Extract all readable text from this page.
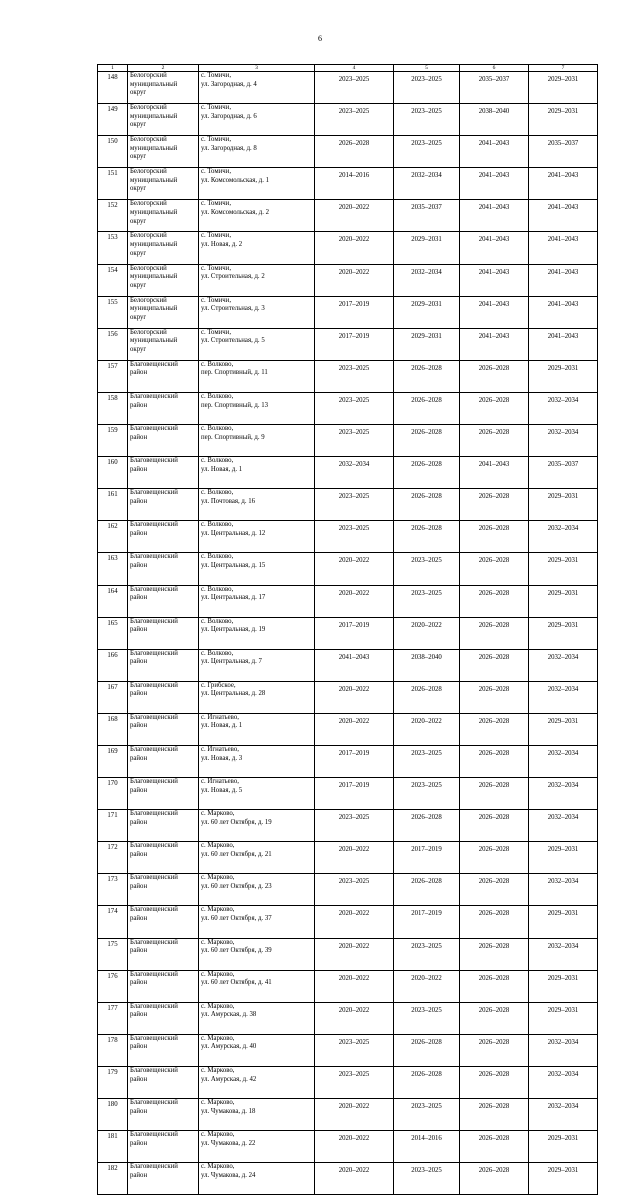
6
1	2	3	4	5	6	7

148	Белогорский
муниципальный
округ	с. Томичи,
ул. Загородная, д. 4	2023–2025	2023–2025	2035–2037	2029–2031

149	Белогорский
муниципальный
округ	с. Томичи,
ул. Загородная, д. 6	2023–2025	2023–2025	2038–2040	2029–2031

150	Белогорский
муниципальный
округ	с. Томичи,
ул. Загородная, д. 8	2026–2028	2023–2025	2041–2043	2035–2037

151	Белогорский
муниципальный
округ	с. Томичи,
ул. Комсомольская, д. 1	2014–2016	2032–2034	2041–2043	2041–2043

152	Белогорский
муниципальный
округ	с. Томичи,
ул. Комсомольская, д. 2	2020–2022	2035–2037	2041–2043	2041–2043

153	Белогорский
муниципальный
округ	с. Томичи,
ул. Новая, д. 2	2020–2022	2029–2031	2041–2043	2041–2043

154	Белогорский
муниципальный
округ	с. Томичи,
ул. Строительная, д. 2	2020–2022	2032–2034	2041–2043	2041–2043

155	Белогорский
муниципальный
округ	с. Томичи,
ул. Строительная, д. 3	2017–2019	2029–2031	2041–2043	2041–2043

156	Белогорский
муниципальный
округ	с. Томичи,
ул. Строительная, д. 5	2017–2019	2029–2031	2041–2043	2041–2043

157	Благовещенский
район	с. Волково,
пер. Спортивный, д. 11	2023–2025	2026–2028	2026–2028	2029–2031

158	Благовещенский
район	с. Волково,
пер. Спортивный, д. 13	2023–2025	2026–2028	2026–2028	2032–2034

159	Благовещенский
район	с. Волково,
пер. Спортивный, д. 9	2023–2025	2026–2028	2026–2028	2032–2034

160	Благовещенский
район	с. Волково,
ул. Новая, д. 1	2032–2034	2026–2028	2041–2043	2035–2037

161	Благовещенский
район	с. Волково,
ул. Почтовая, д. 16	2023–2025	2026–2028	2026–2028	2029–2031

162	Благовещенский
район	с. Волково,
ул. Центральная, д. 12	2023–2025	2026–2028	2026–2028	2032–2034

163	Благовещенский
район	с. Волково,
ул. Центральная, д. 15	2020–2022	2023–2025	2026–2028	2029–2031

164	Благовещенский
район	с. Волково,
ул. Центральная, д. 17	2020–2022	2023–2025	2026–2028	2029–2031

165	Благовещенский
район	с. Волково,
ул. Центральная, д. 19	2017–2019	2020–2022	2026–2028	2029–2031

166	Благовещенский
район	с. Волково,
ул. Центральная, д. 7	2041–2043	2038–2040	2026–2028	2032–2034

167	Благовещенский
район	с. Грибское,
ул. Центральная, д. 28	2020–2022	2026–2028	2026–2028	2032–2034

168	Благовещенский
район	с. Игнатьево,
ул. Новая, д. 1	2020–2022	2020–2022	2026–2028	2029–2031

169	Благовещенский
район	с. Игнатьево,
ул. Новая, д. 3	2017–2019	2023–2025	2026–2028	2032–2034

170	Благовещенский
район	с. Игнатьево,
ул. Новая, д. 5	2017–2019	2023–2025	2026–2028	2032–2034

171	Благовещенский
район	с. Марково,
ул. 60 лет Октября, д. 19	2023–2025	2026–2028	2026–2028	2032–2034

172	Благовещенский
район	с. Марково,
ул. 60 лет Октября, д. 21	2020–2022	2017–2019	2026–2028	2029–2031

173	Благовещенский
район	с. Марково,
ул. 60 лет Октября, д. 23	2023–2025	2026–2028	2026–2028	2032–2034

174	Благовещенский
район	с. Марково,
ул. 60 лет Октября, д. 37	2020–2022	2017–2019	2026–2028	2029–2031

175	Благовещенский
район	с. Марково,
ул. 60 лет Октября, д. 39	2020–2022	2023–2025	2026–2028	2032–2034

176	Благовещенский
район	с. Марково,
ул. 60 лет Октября, д. 41	2020–2022	2020–2022	2026–2028	2029–2031

177	Благовещенский
район	с. Марково,
ул. Амурская, д. 38	2020–2022	2023–2025	2026–2028	2029–2031

178	Благовещенский
район	с. Марково,
ул. Амурская, д. 40	2023–2025	2026–2028	2026–2028	2032–2034

179	Благовещенский
район	с. Марково,
ул. Амурская, д. 42	2023–2025	2026–2028	2026–2028	2032–2034

180	Благовещенский
район	с. Марково,
ул. Чумакова, д. 18	2020–2022	2023–2025	2026–2028	2032–2034

181	Благовещенский
район	с. Марково,
ул. Чумакова, д. 22	2020–2022	2014–2016	2026–2028	2029–2031

182	Благовещенский
район	с. Марково,
ул. Чумакова, д. 24	2020–2022	2023–2025	2026–2028	2029–2031
